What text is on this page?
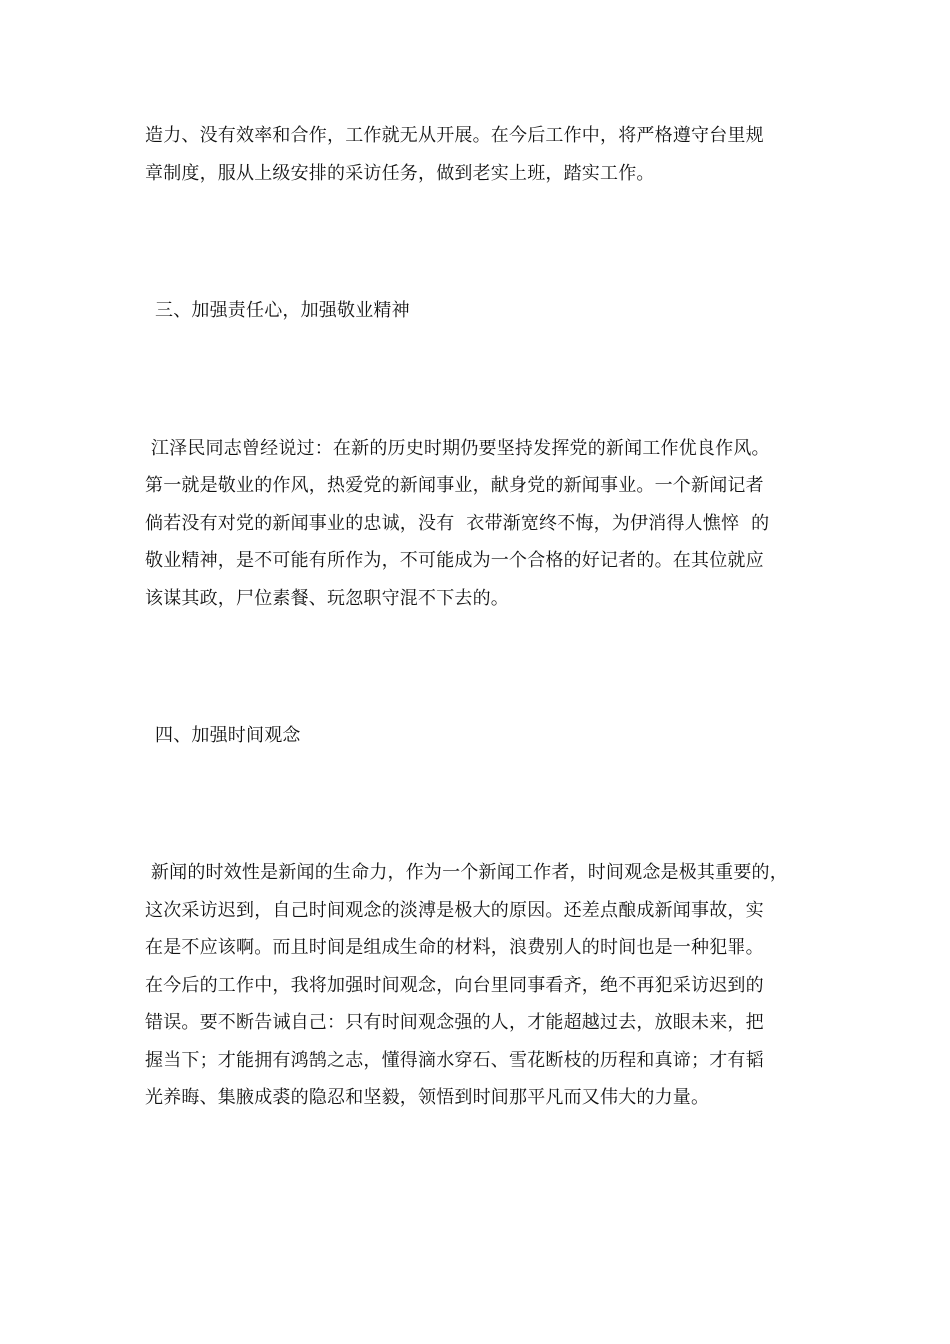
造力、没有效率和合作，工作就无从开展。在今后工作中，将严格遵守台里规
章制度，服从上级安排的采访任务，做到老实上班，踏实工作。
三、加强责任心，加强敬业精神
江泽民同志曾经说过：在新的历史时期仍要坚持发挥党的新闻工作优良作风。
第一就是敬业的作风，热爱党的新闻事业，献身党的新闻事业。一个新闻记者
倘若没有对党的新闻事业的忠诚，没有  衣带渐宽终不悔，为伊消得人憔悴  的
敬业精神，是不可能有所作为，不可能成为一个合格的好记者的。在其位就应
该谋其政，尸位素餐、玩忽职守混不下去的。
四、加强时间观念
新闻的时效性是新闻的生命力，作为一个新闻工作者，时间观念是极其重要的，
这次采访迟到，自己时间观念的淡溥是极大的原因。还差点酿成新闻事故，实
在是不应该啊。而且时间是组成生命的材料，浪费别人的时间也是一种犯罪。
在今后的工作中，我将加强时间观念，向台里同事看齐，绝不再犯采访迟到的
错误。要不断告诫自己：只有时间观念强的人，才能超越过去，放眼未来，把
握当下；才能拥有鸿鹄之志，懂得滴水穿石、雪花断枝的历程和真谛；才有韬
光养晦、集腋成裘的隐忍和坚毅，领悟到时间那平凡而又伟大的力量。
